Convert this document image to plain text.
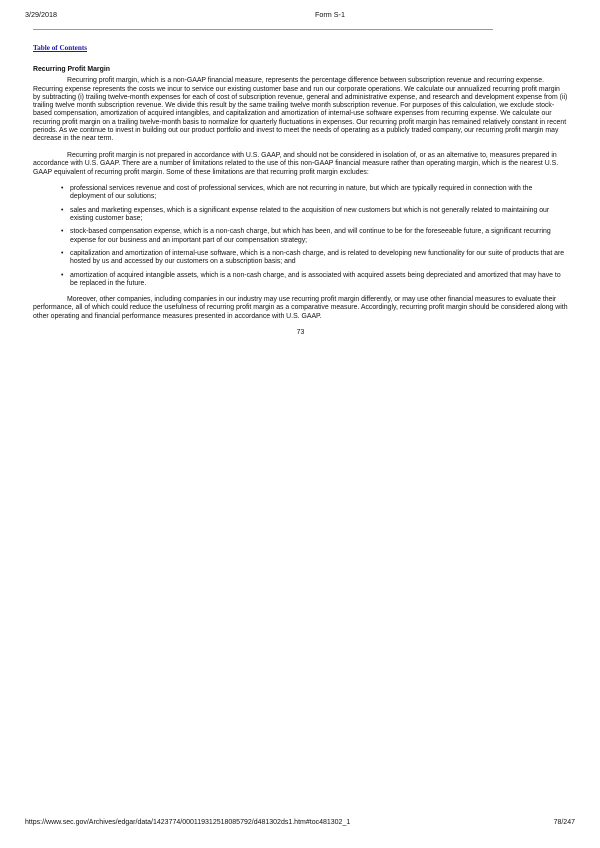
3/29/2018	Form S-1
Table of Contents
Recurring Profit Margin

Recurring profit margin, which is a non-GAAP financial measure, represents the percentage difference between subscription revenue and recurring expense. Recurring expense represents the costs we incur to service our existing customer base and run our corporate operations. We calculate our annualized recurring profit margin by subtracting (i) trailing twelve-month expenses for each of cost of subscription revenue, general and administrative expense, and research and development expense from (ii) trailing twelve month subscription revenue. We divide this result by the same trailing twelve month subscription revenue. For purposes of this calculation, we exclude stock-based compensation, amortization of acquired intangibles, and capitalization and amortization of internal-use software expenses from recurring expense. We calculate our recurring profit margin on a trailing twelve-month basis to normalize for quarterly fluctuations in expenses. Our recurring profit margin has remained relatively constant in recent periods. As we continue to invest in building out our product portfolio and invest to meet the needs of operating as a publicly traded company, our recurring profit margin may decrease in the near term.

Recurring profit margin is not prepared in accordance with U.S. GAAP, and should not be considered in isolation of, or as an alternative to, measures prepared in accordance with U.S. GAAP. There are a number of limitations related to the use of this non-GAAP financial measure rather than operating margin, which is the nearest U.S. GAAP equivalent of recurring profit margin. Some of these limitations are that recurring profit margin excludes:

• professional services revenue and cost of professional services, which are not recurring in nature, but which are typically required in connection with the deployment of our solutions;
• sales and marketing expenses, which is a significant expense related to the acquisition of new customers but which is not generally related to maintaining our existing customer base;
• stock-based compensation expense, which is a non-cash charge, but which has been, and will continue to be for the foreseeable future, a significant recurring expense for our business and an important part of our compensation strategy;
• capitalization and amortization of internal-use software, which is a non-cash charge, and is related to developing new functionality for our suite of products that are hosted by us and accessed by our customers on a subscription basis; and
• amortization of acquired intangible assets, which is a non-cash charge, and is associated with acquired assets being depreciated and amortized that may have to be replaced in the future.

Moreover, other companies, including companies in our industry may use recurring profit margin differently, or may use other financial measures to evaluate their performance, all of which could reduce the usefulness of recurring profit margin as a comparative measure. Accordingly, recurring profit margin should be considered along with other operating and financial performance measures presented in accordance with U.S. GAAP.

73
https://www.sec.gov/Archives/edgar/data/1423774/000119312518085792/d481302ds1.htm#toc481302_1	78/247
